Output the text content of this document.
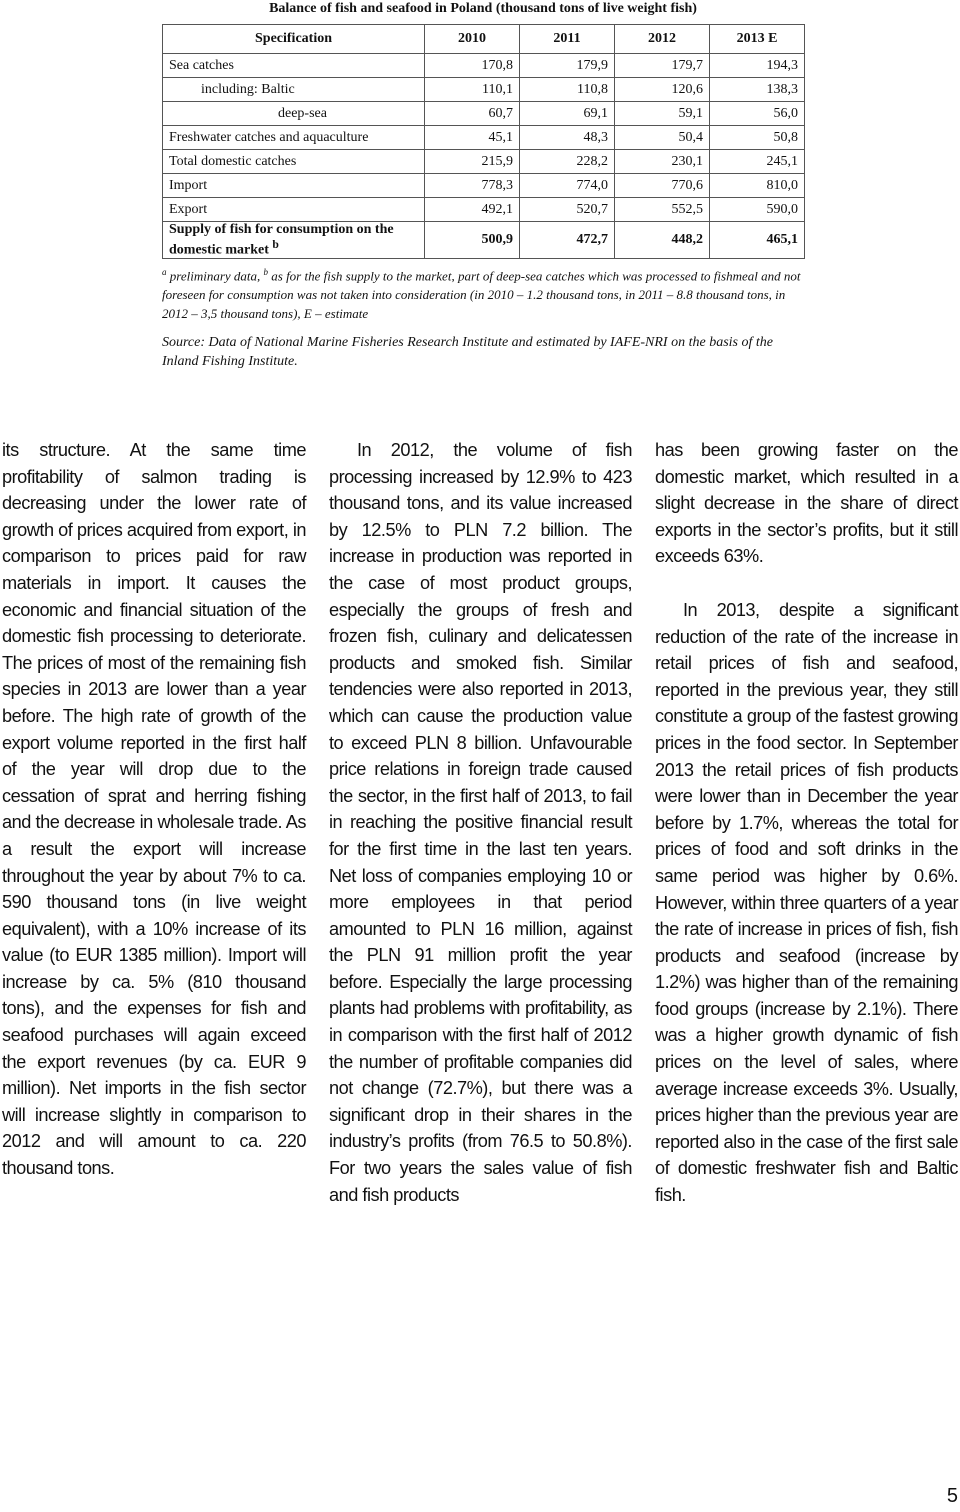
Balance of fish and seafood in Poland (thousand tons of live weight fish)
Specification	2010	2011	2012	2013 E
Sea catches	170,8	179,9	179,7	194,3
including: Baltic	110,1	110,8	120,6	138,3
deep-sea	60,7	69,1	59,1	56,0
Freshwater catches and aquaculture	45,1	48,3	50,4	50,8
Total domestic catches	215,9	228,2	230,1	245,1
Import	778,3	774,0	770,6	810,0
Export	492,1	520,7	552,5	590,0
Supply of fish for consumption on the domestic market $^b$	500,9	472,7	448,2	465,1

$^a$ preliminary data, $^b$ as for the fish supply to the market, part of deep-sea catches which was processed to fishmeal and not foreseen for consumption was not taken into consideration (in 2010 – 1.2 thousand tons, in 2011 – 8.8 thousand tons, in 2012 – 3,5 thousand tons), E – estimate

Source: Data of National Marine Fisheries Research Institute and estimated by IAFE-NRI on the basis of the Inland Fishing Institute.

its structure. At the same time profitability of salmon trading is decreasing under the lower rate of growth of prices acquired from export, in comparison to prices paid for raw materials in import. It causes the economic and financial situation of the domestic fish processing to deteriorate. The prices of most of the remaining fish species in 2013 are lower than a year before. The high rate of growth of the export volume reported in the first half of the year will drop due to the cessation of sprat and herring fishing and the decrease in wholesale trade. As a result the export will increase throughout the year by about 7% to ca. 590 thousand tons (in live weight equivalent), with a 10% increase of its value (to EUR 1385 million). Import will increase by ca. 5% (810 thousand tons), and the expenses for fish and seafood purchases will again exceed the export revenues (by ca. EUR 9 million). Net imports in the fish sector will increase slightly in comparison to 2012 and will amount to ca. 220 thousand tons.

In 2012, the volume of fish processing increased by 12.9% to 423 thousand tons, and its value increased by 12.5% to PLN 7.2 billion. The increase in production was reported in the case of most product groups, especially the groups of fresh and frozen fish, culinary and delicatessen products and smoked fish. Similar tendencies were also reported in 2013, which can cause the production value to exceed PLN 8 billion. Unfavourable price relations in foreign trade caused the sector, in the first half of 2013, to fail in reaching the positive financial result for the first time in the last ten years. Net loss of companies employing 10 or more employees in that period amounted to PLN 16 million, against the PLN 91 million profit the year before. Especially the large processing plants had problems with profitability, as in comparison with the first half of 2012 the number of profitable companies did not change (72.7%), but there was a significant drop in their shares in the industry’s profits (from 76.5 to 50.8%). For two years the sales value of fish and fish products

has been growing faster on the domestic market, which resulted in a slight decrease in the share of direct exports in the sector’s profits, but it still exceeds 63%.

In 2013, despite a significant reduction of the rate of the increase in retail prices of fish and seafood, reported in the previous year, they still constitute a group of the fastest growing prices in the food sector. In September 2013 the retail prices of fish products were lower than in December the year before by 1.7%, whereas the total for prices of food and soft drinks in the same period was higher by 0.6%. However, within three quarters of a year the rate of increase in prices of fish, fish products and seafood (increase by 1.2%) was higher than of the remaining food groups (increase by 2.1%). There was a higher growth dynamic of fish prices on the level of sales, where average increase exceeds 3%. Usually, prices higher than the previous year are reported also in the case of the first sale of domestic freshwater fish and Baltic fish.

5
